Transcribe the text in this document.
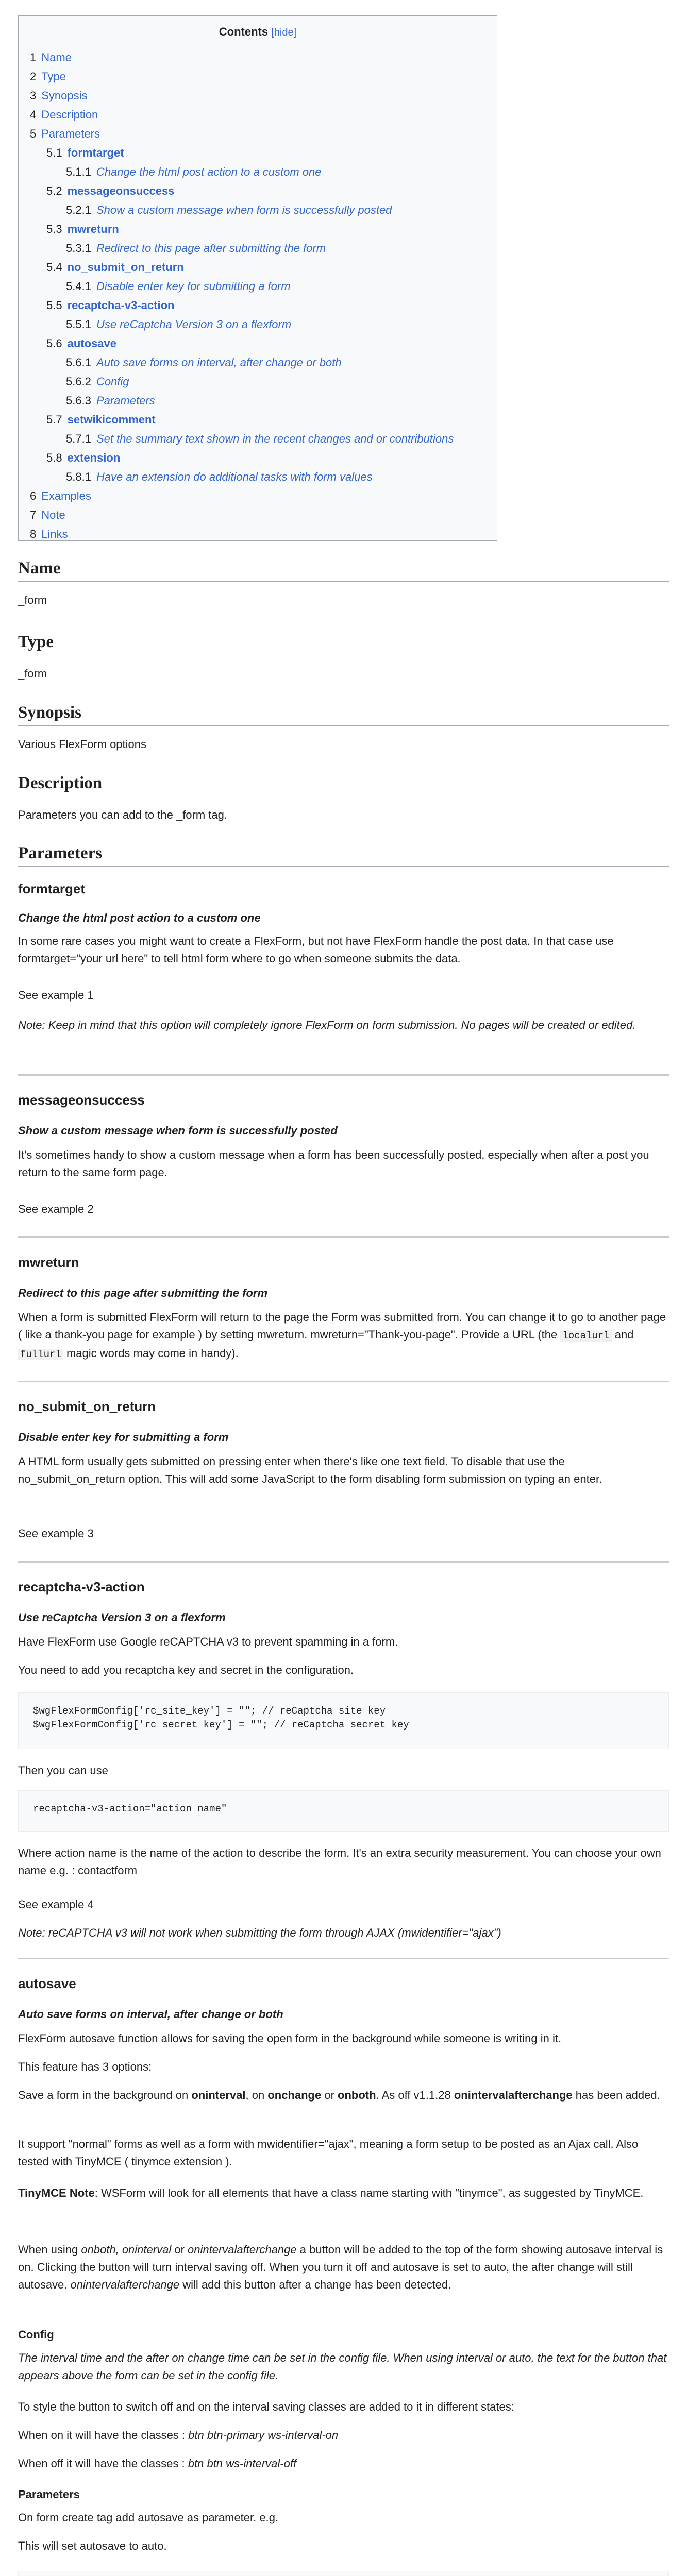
Contents [hide]
1 Name
2 Type
3 Synopsis
4 Description
5 Parameters
5.1 formtarget
5.1.1 Change the html post action to a custom one
5.2 messageonsuccess
5.2.1 Show a custom message when form is successfully posted
5.3 mwreturn
5.3.1 Redirect to this page after submitting the form
5.4 no_submit_on_return
5.4.1 Disable enter key for submitting a form
5.5 recaptcha-v3-action
5.5.1 Use reCaptcha Version 3 on a flexform
5.6 autosave
5.6.1 Auto save forms on interval, after change or both
5.6.2 Config
5.6.3 Parameters
5.7 setwikicomment
5.7.1 Set the summary text shown in the recent changes and or contributions
5.8 extension
5.8.1 Have an extension do additional tasks with form values
6 Examples
7 Note
8 Links
Name
_form
Type
_form
Synopsis
Various FlexForm options
Description
Parameters you can add to the _form tag.
Parameters
formtarget
Change the html post action to a custom one
In some rare cases you might want to create a FlexForm, but not have FlexForm handle the post data. In that case use formtarget="your url here" to tell html form where to go when someone submits the data.
See example 1
Note: Keep in mind that this option will completely ignore FlexForm on form submission. No pages will be created or edited.
messageonsuccess
Show a custom message when form is successfully posted
It's sometimes handy to show a custom message when a form has been successfully posted, especially when after a post you return to the same form page.
See example 2
mwreturn
Redirect to this page after submitting the form
When a form is submitted FlexForm will return to the page the Form was submitted from. You can change it to go to another page ( like a thank-you page for example ) by setting mwreturn. mwreturn="Thank-you-page". Provide a URL (the localurl and fullurl magic words may come in handy).
no_submit_on_return
Disable enter key for submitting a form
A HTML form usually gets submitted on pressing enter when there's like one text field. To disable that use the no_submit_on_return option. This will add some JavaScript to the form disabling form submission on typing an enter.
See example 3
recaptcha-v3-action
Use reCaptcha Version 3 on a flexform
Have FlexForm use Google reCAPTCHA v3 to prevent spamming in a form.
You need to add you recaptcha key and secret in the configuration.
$wgFlexFormConfig['rc_site_key'] = ""; // reCaptcha site key
$wgFlexFormConfig['rc_secret_key'] = ""; // reCaptcha secret key
Then you can use
recaptcha-v3-action="action name"
Where action name is the name of the action to describe the form. It's an extra security measurement. You can choose your own name e.g. : contactform
See example 4
Note: reCAPTCHA v3 will not work when submitting the form through AJAX (mwidentifier="ajax")
autosave
Auto save forms on interval, after change or both
FlexForm autosave function allows for saving the open form in the background while someone is writing in it.
This feature has 3 options:
Save a form in the background on oninterval, on onchange or onboth. As off v1.1.28 onintervalafterchange has been added.
It support "normal" forms as well as a form with mwidentifier="ajax", meaning a form setup to be posted as an Ajax call. Also tested with TinyMCE ( tinymce extension ).
TinyMCE Note: WSForm will look for all elements that have a class name starting with "tinymce", as suggested by TinyMCE.
When using onboth, oninterval or onintervalafterchange a button will be added to the top of the form showing autosave interval is on. Clicking the button will turn interval saving off. When you turn it off and autosave is set to auto, the after change will still autosave. onintervalafterchange will add this button after a change has been detected.
Config
The interval time and the after on change time can be set in the config file. When using interval or auto, the text for the button that appears above the form can be set in the config file.
To style the button to switch off and on the interval saving classes are added to it in different states:
When on it will have the classes : btn btn-primary ws-interval-on
When off it will have the classes : btn btn ws-interval-off
Parameters
On form create tag add autosave as parameter. e.g.
This will set autosave to auto.
